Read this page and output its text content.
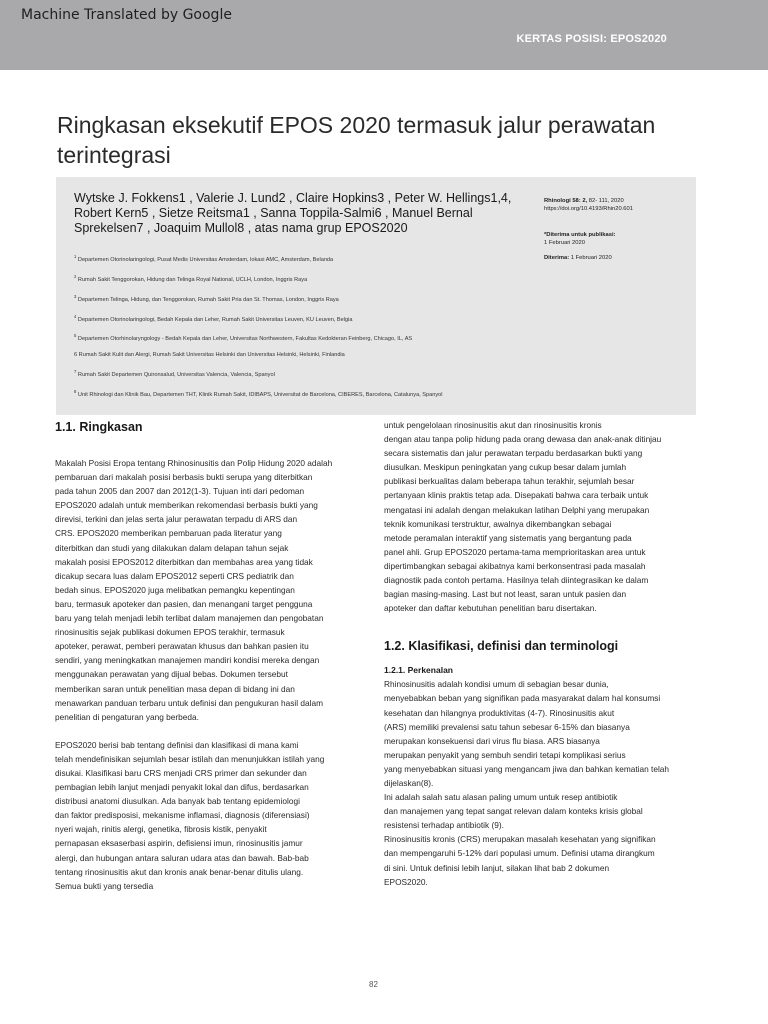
Machine Translated by Google
KERTAS POSISI: EPOS2020
Ringkasan eksekutif EPOS 2020 termasuk jalur perawatan terintegrasi
Wytske J. Fokkens1 , Valerie J. Lund2 , Claire Hopkins3 , Peter W. Hellings1,4, Robert Kern5 , Sietze Reitsma1 , Sanna Toppila-Salmi6 , Manuel Bernal Sprekelsen7 , Joaquim Mullol8 , atas nama grup EPOS2020

$^1$ Departemen Otorinolaringologi, Pusat Medis Universitas Amsterdam, lokasi AMC, Amsterdam, Belanda

$^2$ Rumah Sakit Tenggorokan, Hidung dan Telinga Royal National, UCLH, London, Inggris Raya

$^3$ Departemen Telinga, Hidung, dan Tenggorokan, Rumah Sakit Pria dan St. Thomas, London, Inggris Raya

$^4$ Departemen Otorinolaringologi, Bedah Kepala dan Leher, Rumah Sakit Universitas Leuven, KU Leuven, Belgia

$^5$ Departemen Otorhinolaryngology - Bedah Kepala dan Leher, Universitas Northwestern, Fakultas Kedokteran Feinberg, Chicago, IL, AS

6 Rumah Sakit Kulit dan Alergi, Rumah Sakit Universitas Helsinki dan Universitas Helsinki, Helsinki, Finlandia

$^7$ Rumah Sakit Departemen Quironsalud, Universitas Valencia, Valencia, Spanyol

$^8$ Unit Rhinologi dan Klinik Bau, Departemen THT, Klinik Rumah Sakit, IDIBAPS, Universitat de Barcelona, CIBERES, Barcelona, Catalunya, Spanyol

Rhinologi 58: 2, 82- 111, 2020
https://doi.org/10.4193/Rhin20.601
*Diterima untuk publikasi:
1 Februari 2020
Diterima: 1 Februari 2020
1.1. Ringkasan

Makalah Posisi Eropa tentang Rhinosinusitis dan Polip Hidung 2020 adalah
pembaruan dari makalah posisi berbasis bukti serupa yang diterbitkan
pada tahun 2005 dan 2007 dan 2012(1-3). Tujuan inti dari pedoman
EPOS2020 adalah untuk memberikan rekomendasi berbasis bukti yang
direvisi, terkini dan jelas serta jalur perawatan terpadu di ARS dan
CRS. EPOS2020 memberikan pembaruan pada literatur yang
diterbitkan dan studi yang dilakukan dalam delapan tahun sejak
makalah posisi EPOS2012 diterbitkan dan membahas area yang tidak
dicakup secara luas dalam EPOS2012 seperti CRS pediatrik dan
bedah sinus. EPOS2020 juga melibatkan pemangku kepentingan
baru, termasuk apoteker dan pasien, dan menangani target pengguna
baru yang telah menjadi lebih terlibat dalam manajemen dan pengobatan
rinosinusitis sejak publikasi dokumen EPOS terakhir, termasuk
apoteker, perawat, pemberi perawatan khusus dan bahkan pasien itu
sendiri, yang meningkatkan manajemen mandiri kondisi mereka dengan
menggunakan perawatan yang dijual bebas. Dokumen tersebut
memberikan saran untuk penelitian masa depan di bidang ini dan
menawarkan panduan terbaru untuk definisi dan pengukuran hasil dalam
penelitian di pengaturan yang berbeda.

EPOS2020 berisi bab tentang definisi dan klasifikasi di mana kami
telah mendefinisikan sejumlah besar istilah dan menunjukkan istilah yang
disukai. Klasifikasi baru CRS menjadi CRS primer dan sekunder dan
pembagian lebih lanjut menjadi penyakit lokal dan difus, berdasarkan
distribusi anatomi diusulkan. Ada banyak bab tentang epidemiologi
dan faktor predisposisi, mekanisme inflamasi, diagnosis (diferensiasi)
nyeri wajah, rinitis alergi, genetika, fibrosis kistik, penyakit
pernapasan eksaserbasi aspirin, defisiensi imun, rinosinusitis jamur
alergi, dan hubungan antara saluran udara atas dan bawah. Bab-bab
tentang rinosinusitis akut dan kronis anak benar-benar ditulis ulang.
Semua bukti yang tersedia

untuk pengelolaan rinosinusitis akut dan rinosinusitis kronis
dengan atau tanpa polip hidung pada orang dewasa dan anak-anak ditinjau
secara sistematis dan jalur perawatan terpadu berdasarkan bukti yang
diusulkan. Meskipun peningkatan yang cukup besar dalam jumlah
publikasi berkualitas dalam beberapa tahun terakhir, sejumlah besar
pertanyaan klinis praktis tetap ada. Disepakati bahwa cara terbaik untuk
mengatasi ini adalah dengan melakukan latihan Delphi yang merupakan
teknik komunikasi terstruktur, awalnya dikembangkan sebagai
metode peramalan interaktif yang sistematis yang bergantung pada
panel ahli. Grup EPOS2020 pertama-tama memprioritaskan area untuk
dipertimbangkan sebagai akibatnya kami berkonsentrasi pada masalah
diagnostik pada contoh pertama. Hasilnya telah diintegrasikan ke dalam
bagian masing-masing. Last but not least, saran untuk pasien dan
apoteker dan daftar kebutuhan penelitian baru disertakan.

1.2. Klasifikasi, definisi dan terminologi
1.2.1. Perkenalan

Rhinosinusitis adalah kondisi umum di sebagian besar dunia,
menyebabkan beban yang signifikan pada masyarakat dalam hal konsumsi
kesehatan dan hilangnya produktivitas (4-7). Rinosinusitis akut
(ARS) memiliki prevalensi satu tahun sebesar 6-15% dan biasanya
merupakan konsekuensi dari virus flu biasa. ARS biasanya
merupakan penyakit yang sembuh sendiri tetapi komplikasi serius
yang menyebabkan situasi yang mengancam jiwa dan bahkan kematian telah dijelaskan(8).
Ini adalah salah satu alasan paling umum untuk resep antibiotik
dan manajemen yang tepat sangat relevan dalam konteks krisis global
resistensi terhadap antibiotik (9).
Rinosinusitis kronis (CRS) merupakan masalah kesehatan yang signifikan
dan mempengaruhi 5-12% dari populasi umum. Definisi utama dirangkum
di sini. Untuk definisi lebih lanjut, silakan lihat bab 2 dokumen
EPOS2020.

82
